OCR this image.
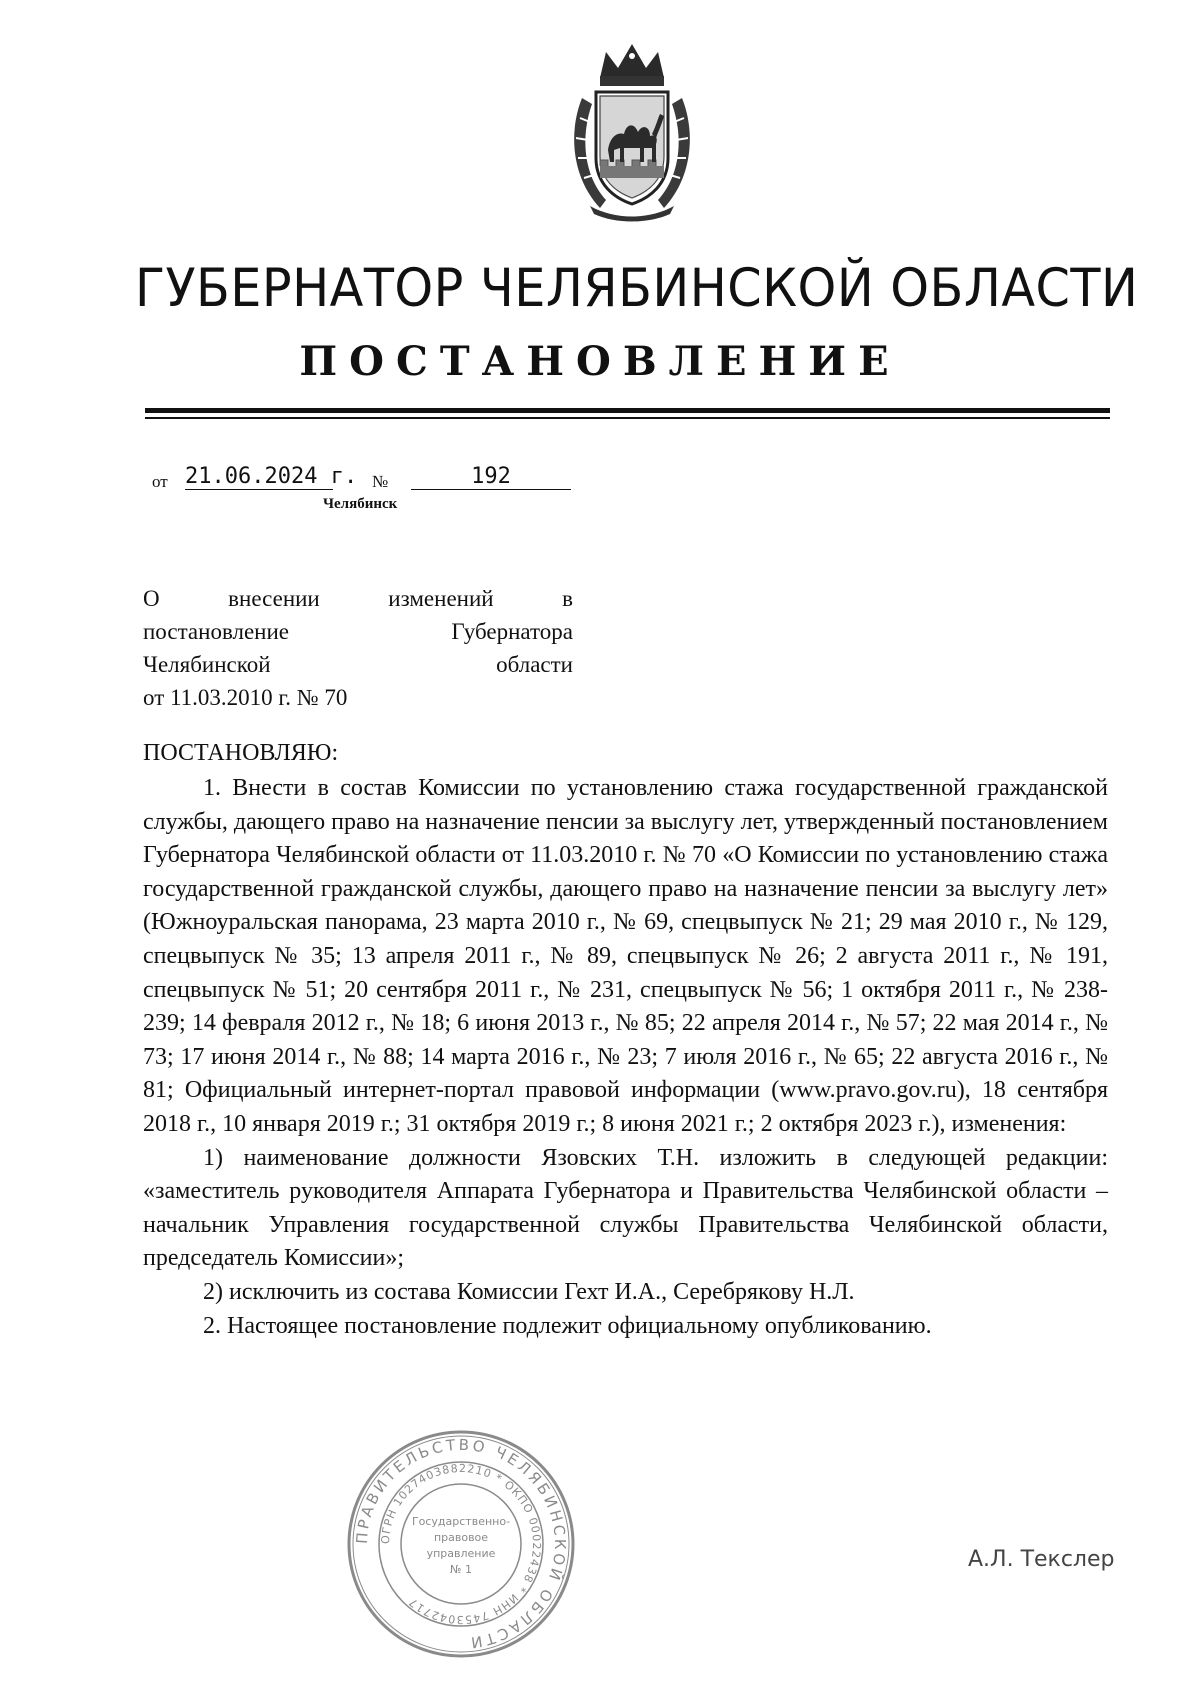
ГУБЕРНАТОР ЧЕЛЯБИНСКОЙ ОБЛАСТИ
ПОСТАНОВЛЕНИЕ
от 21.06.2024 г. №	192
Челябинск
О внесении изменений в
постановление Губернатора
Челябинской области
от 11.03.2010 г. № 70
ПОСТАНОВЛЯЮ:

1. Внести в состав Комиссии по установлению стажа государственной гражданской службы, дающего право на назначение пенсии за выслугу лет, утвержденный постановлением Губернатора Челябинской области от 11.03.2010 г. № 70 «О Комиссии по установлению стажа государственной гражданской службы, дающего право на назначение пенсии за выслугу лет» (Южноуральская панорама, 23 марта 2010 г., № 69, спецвыпуск № 21; 29 мая 2010 г., № 129, спецвыпуск № 35; 13 апреля 2011 г., № 89, спецвыпуск № 26; 2 августа 2011 г., № 191, спецвыпуск № 51; 20 сентября 2011 г., № 231, спецвыпуск № 56; 1 октября 2011 г., № 238-239; 14 февраля 2012 г., № 18; 6 июня 2013 г., № 85; 22 апреля 2014 г., № 57; 22 мая 2014 г., № 73; 17 июня 2014 г., № 88; 14 марта 2016 г., № 23; 7 июля 2016 г., № 65; 22 августа 2016 г., № 81; Официальный интернет-портал правовой информации (www.pravo.gov.ru), 18 сентября 2018 г., 10 января 2019 г.; 31 октября 2019 г.; 8 июня 2021 г.; 2 октября 2023 г.), изменения:

1) наименование должности Язовских Т.Н. изложить в следующей редакции: «заместитель руководителя Аппарата Губернатора и Правительства Челябинской области – начальник Управления государственной службы Правительства Челябинской области, председатель Комиссии»;

2) исключить из состава Комиссии Гехт И.А., Серебрякову Н.Л.

2. Настоящее постановление подлежит официальному опубликованию.

ПРАВИТЕЛЬСТВО ЧЕЛЯБИНСКОЙ ОБЛАСТИ
ОГРН 1027403882210 * ОКПО 00022438 * ИНН 7453042717
Государственно-
правовое
управление
№ 1	А.Л. Текслер
